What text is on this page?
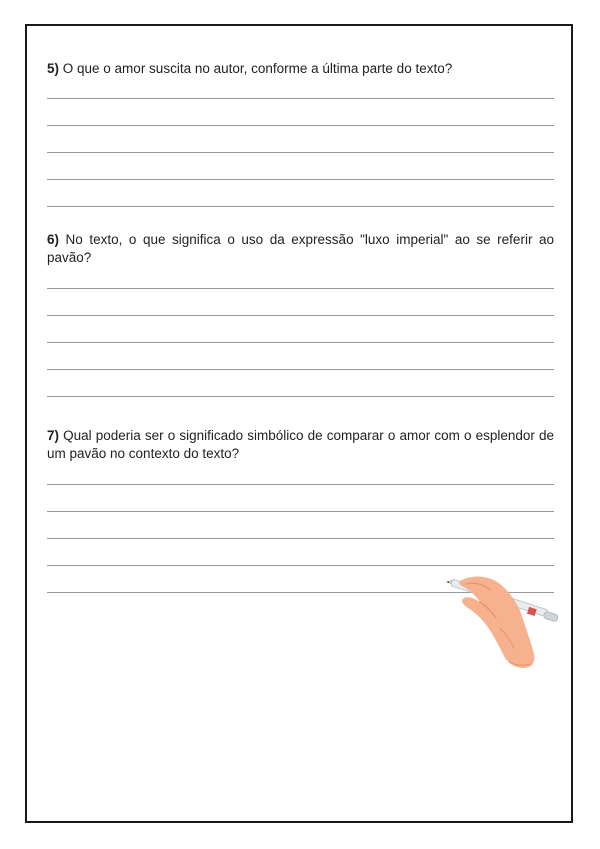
5) O que o amor suscita no autor, conforme a última parte do texto?

6) No texto, o que significa o uso da expressão "luxo imperial" ao se referir ao pavão?

7) Qual poderia ser o significado simbólico de comparar o amor com o esplendor de um pavão no contexto do texto?
